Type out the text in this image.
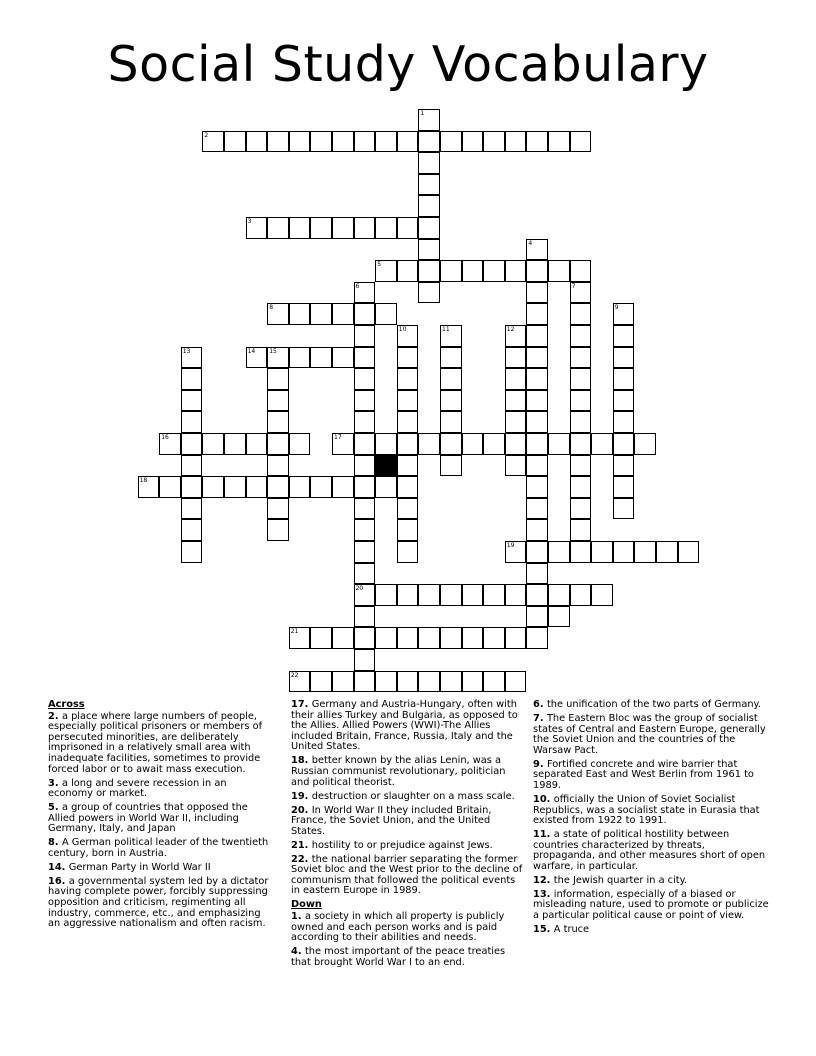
Social Study Vocabulary
1
2
3
4
5
6	7
8	9
10	11	12
13	14 15
16	17
18
19
20
21
22
Across
2. a place where large numbers of people, especially political prisoners or members of persecuted minorities, are deliberately imprisoned in a relatively small area with inadequate facilities, sometimes to provide forced labor or to await mass execution.
3. a long and severe recession in an economy or market.
5. a group of countries that opposed the Allied powers in World War II, including Germany, Italy, and Japan
8. A German political leader of the twentieth century, born in Austria.
14. German Party in World War II
16. a governmental system led by a dictator having complete power, forcibly suppressing opposition and criticism, regimenting all industry, commerce, etc., and emphasizing an aggressive nationalism and often racism.
17. Germany and Austria-Hungary, often with their allies Turkey and Bulgaria, as opposed to the Allies. Allied Powers (WWI)-The Allies included Britain, France, Russia, Italy and the United States.
18. better known by the alias Lenin, was a Russian communist revolutionary, politician and political theorist.
19. destruction or slaughter on a mass scale.
20. In World War II they included Britain, France, the Soviet Union, and the United States.
21. hostility to or prejudice against Jews.
22. the national barrier separating the former Soviet bloc and the West prior to the decline of communism that followed the political events in eastern Europe in 1989.
Down
1. a society in which all property is publicly owned and each person works and is paid according to their abilities and needs.
4. the most important of the peace treaties that brought World War I to an end.
6. the unification of the two parts of Germany.
7. The Eastern Bloc was the group of socialist states of Central and Eastern Europe, generally the Soviet Union and the countries of the Warsaw Pact.
9. Fortified concrete and wire barrier that separated East and West Berlin from 1961 to 1989.
10. officially the Union of Soviet Socialist Republics, was a socialist state in Eurasia that existed from 1922 to 1991.
11. a state of political hostility between countries characterized by threats, propaganda, and other measures short of open warfare, in particular.
12. the Jewish quarter in a city.
13. information, especially of a biased or misleading nature, used to promote or publicize a particular political cause or point of view.
15. A truce
